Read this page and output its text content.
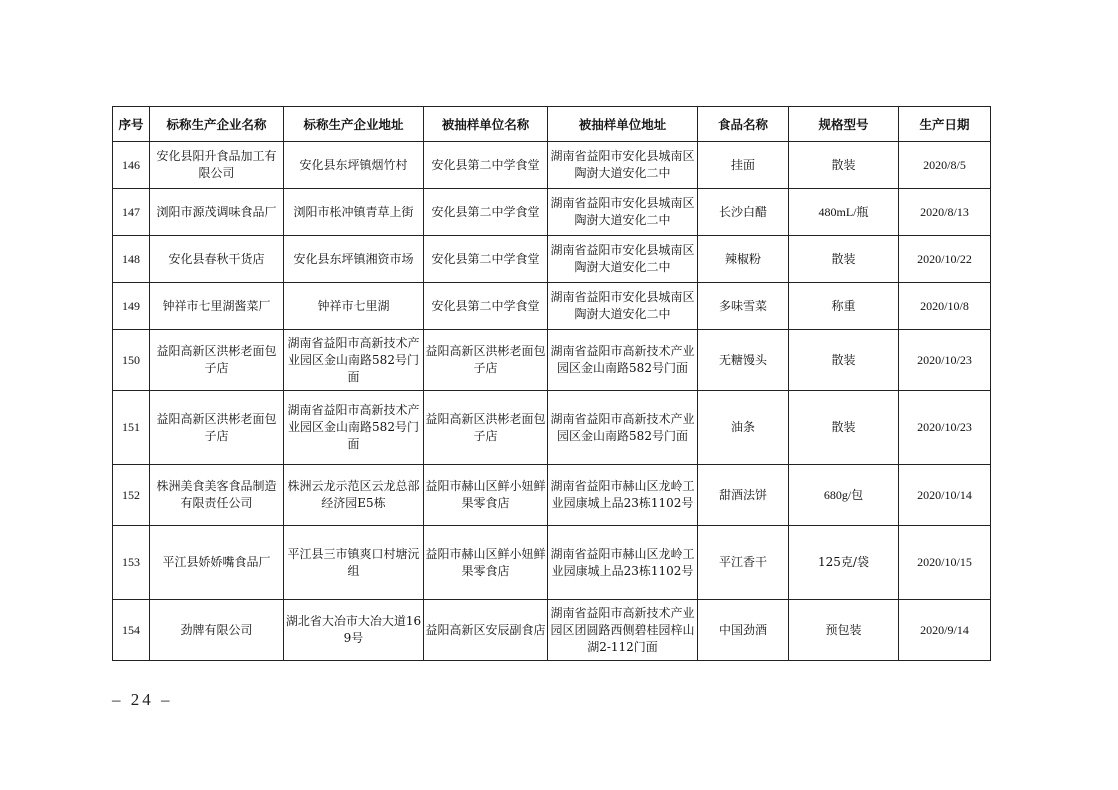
序号	标称生产企业名称	标称生产企业地址	被抽样单位名称	被抽样单位地址	食品名称	规格型号	生产日期
146	安化县阳升食品加工有限公司	安化县东坪镇烟竹村	安化县第二中学食堂	湖南省益阳市安化县城南区陶澍大道安化二中	挂面	散装	2020/8/5
147	浏阳市源茂调味食品厂	浏阳市枨冲镇青草上街	安化县第二中学食堂	湖南省益阳市安化县城南区陶澍大道安化二中	长沙白醋	480mL/瓶	2020/8/13
148	安化县春秋干货店	安化县东坪镇湘资市场	安化县第二中学食堂	湖南省益阳市安化县城南区陶澍大道安化二中	辣椒粉	散装	2020/10/22
149	钟祥市七里湖酱菜厂	钟祥市七里湖	安化县第二中学食堂	湖南省益阳市安化县城南区陶澍大道安化二中	多味雪菜	称重	2020/10/8
150	益阳高新区洪彬老面包子店	湖南省益阳市高新技术产业园区金山南路582号门面	益阳高新区洪彬老面包子店	湖南省益阳市高新技术产业园区金山南路582号门面	无糖馒头	散装	2020/10/23
151	益阳高新区洪彬老面包子店	湖南省益阳市高新技术产业园区金山南路582号门面	益阳高新区洪彬老面包子店	湖南省益阳市高新技术产业园区金山南路582号门面	油条	散装	2020/10/23
152	株洲美食美客食品制造有限责任公司	株洲云龙示范区云龙总部经济园E5栋	益阳市赫山区鲜小妞鲜果零食店	湖南省益阳市赫山区龙岭工业园康城上品23栋1102号	甜酒法饼	680g/包	2020/10/14
153	平江县娇娇嘴食品厂	平江县三市镇爽口村塘沅组	益阳市赫山区鲜小妞鲜果零食店	湖南省益阳市赫山区龙岭工业园康城上品23栋1102号	平江香干	125克/袋	2020/10/15
154	劲牌有限公司	湖北省大冶市大冶大道169号	益阳高新区安辰副食店	湖南省益阳市高新技术产业园区团圆路西侧碧桂园梓山湖2-112门面	中国劲酒	预包装	2020/9/14
– 24 –
